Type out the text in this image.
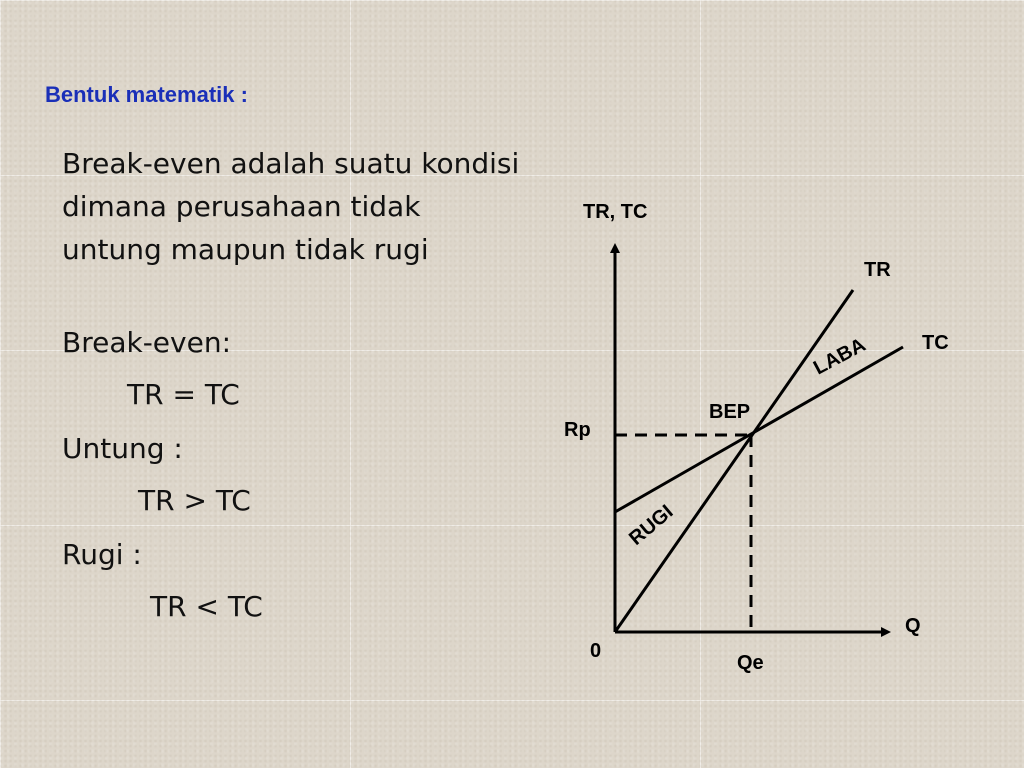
Bentuk matematik :

Break-even adalah suatu kondisi dimana perusahaan tidak untung maupun tidak rugi

Break-even:
TR = TC
Untung :
TR > TC
Rugi :
TR < TC
TR, TC
Q
0
TR
TC
BEP
Rp
Qe
LABA
RUGI
